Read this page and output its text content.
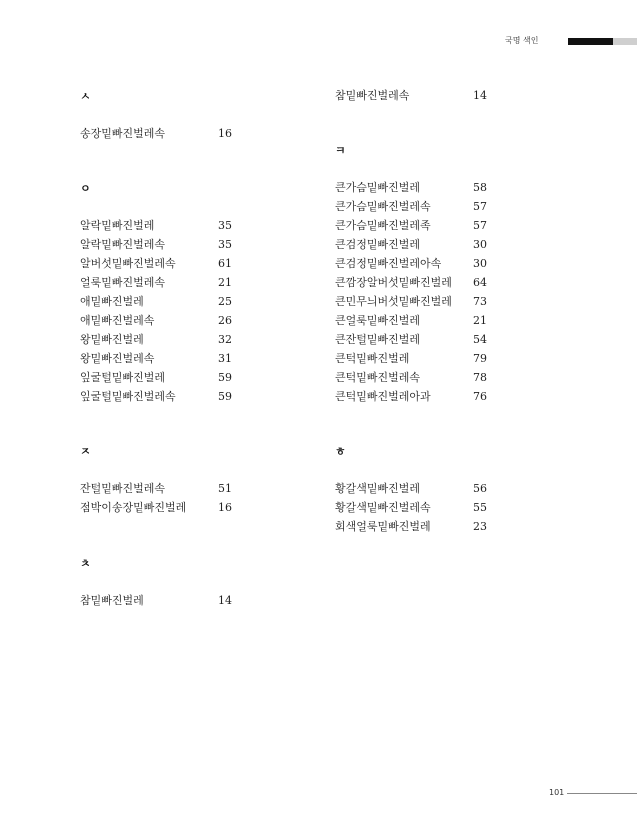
국명 색인
ㅅ
송장밑빠진벌레속	16
ㅇ
알락밑빠진벌레	35
알락밑빠진벌레속	35
알버섯밑빠진벌레속	61
얼룩밑빠진벌레속	21
애밑빠진벌레	25
애밑빠진벌레속	26
왕밑빠진벌레	32
왕밑빠진벌레속	31
잎굴털밑빠진벌레	59
잎굴털밑빠진벌레속	59
ㅈ
잔털밑빠진벌레속	51
점박이송장밑빠진벌레	16
ㅊ
참밑빠진벌레	14
참밑빠진벌레속	14
ㅋ
큰가슴밑빠진벌레	58
큰가슴밑빠진벌레속	57
큰가슴밑빠진벌레족	57
큰검정밑빠진벌레	30
큰검정밑빠진벌레아속	30
큰깜장알버섯밑빠진벌레 64
큰민무늬버섯밑빠진벌레 73
큰얼룩밑빠진벌레	21
큰잔털밑빠진벌레	54
큰턱밑빠진벌레	79
큰턱밑빠진벌레속	78
큰턱밑빠진벌레아과	76
ㅎ
황갈색밑빠진벌레	56
황갈색밑빠진벌레속	55
회색얼룩밑빠진벌레	23
101
